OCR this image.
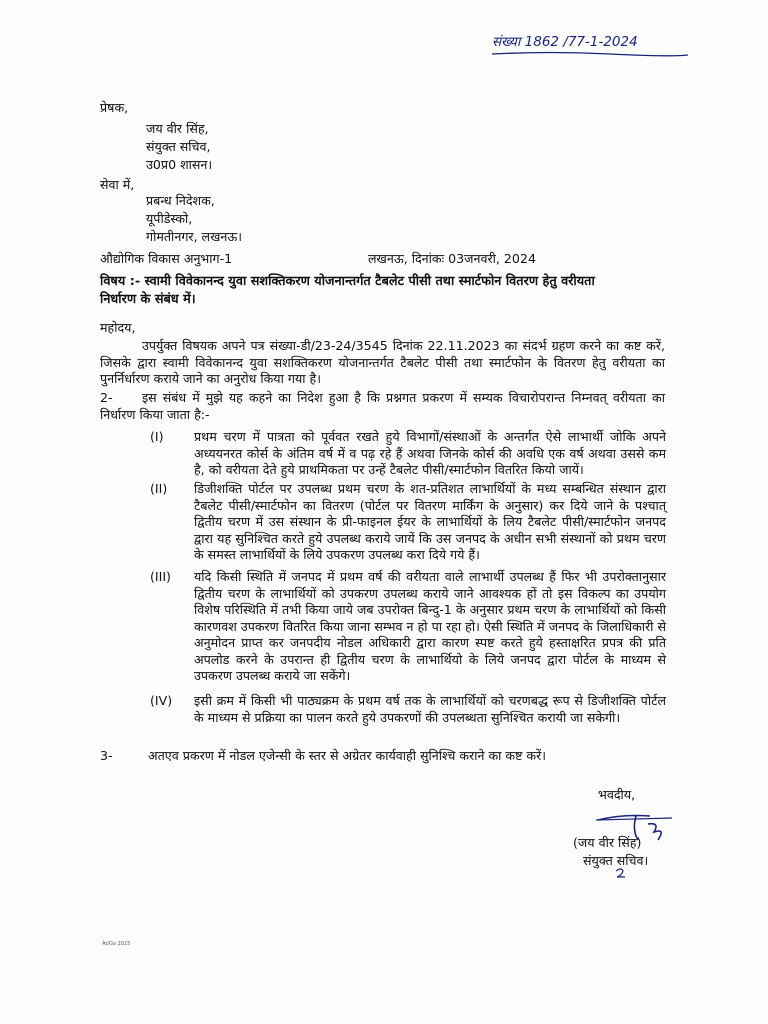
संख्या 1862 /77-1-2024
प्रेषक,
जय वीर सिंह,
संयुक्त सचिव,
उ0प्र0 शासन।
सेवा में,
प्रबन्ध निदेशक,
यूपीडेस्को,
गोमतीनगर, लखनऊ।
औद्योगिक विकास अनुभाग-1	लखनऊ, दिनांकः 03जनवरी, 2024
विषय :- स्वामी विवेकानन्द युवा सशक्तिकरण योजनान्तर्गत टैबलेट पीसी तथा स्मार्टफोन वितरण हेतु वरीयता
निर्धारण के संबंध में।
महोदय,
उपर्युक्त विषयक अपने पत्र संख्या-डी/23-24/3545 दिनांक 22.11.2023 का संदर्भ ग्रहण करने का कष्ट करें, जिसके द्वारा स्वामी विवेकानन्द युवा सशक्तिकरण योजनान्तर्गत टैबलेट पीसी तथा स्मार्टफोन के वितरण हेतु वरीयता का पुनर्निर्धारण कराये जाने का अनुरोध किया गया है।
2-	इस संबंध में मुझे यह कहने का निदेश हुआ है कि प्रश्नगत प्रकरण में सम्यक विचारोपरान्त निम्नवत् वरीयता का निर्धारण किया जाता है:-
(I) प्रथम चरण में पात्रता को पूर्ववत रखते हुये विभागों/संस्थाओं के अन्तर्गत ऐसे लाभार्थी जोकि अपने अध्ययनरत कोर्स के अंतिम वर्ष में व पढ़ रहे हैं अथवा जिनके कोर्स की अवधि एक वर्ष अथवा उससे कम है, को वरीयता देते हुये प्राथमिकता पर उन्हें टैबलेट पीसी/स्मार्टफोन वितरित कियो जायें।
(II) डिजीशक्ति पोर्टल पर उपलब्ध प्रथम चरण के शत-प्रतिशत लाभार्थियों के मध्य सम्बन्धित संस्थान द्वारा टैबलेट पीसी/स्मार्टफोन का वितरण (पोर्टल पर वितरण मार्किंग के अनुसार) कर दिये जाने के पश्चात् द्वितीय चरण में उस संस्थान के प्री-फाइनल ईयर के लाभार्थियों के लिय टैबलेट पीसी/स्मार्टफोन जनपद द्वारा यह सुनिश्चित करते हुये उपलब्ध कराये जायें कि उस जनपद के अधीन सभी संस्थानों को प्रथम चरण के समस्त लाभार्थियों के लिये उपकरण उपलब्ध करा दिये गये हैं।
(III) यदि किसी स्थिति में जनपद में प्रथम वर्ष की वरीयता वाले लाभार्थी उपलब्ध हैं फिर भी उपरोक्तानुसार द्वितीय चरण के लाभार्थियों को उपकरण उपलब्ध कराये जाने आवश्यक हों तो इस विकल्प का उपयोग विशेष परिस्थिति में तभी किया जाये जब उपरोक्त बिन्दु-1 के अनुसार प्रथम चरण के लाभार्थियों को किसी कारणवश उपकरण वितरित किया जाना सम्भव न हो पा रहा हो। ऐसी स्थिति में जनपद के जिलाधिकारी से अनुमोदन प्राप्त कर जनपदीय नोडल अधिकारी द्वारा कारण स्पष्ट करते हुये हस्ताक्षरित प्रपत्र की प्रति अपलोड करने के उपरान्त ही द्वितीय चरण के लाभार्थियो के लिये जनपद द्वारा पोर्टल के माध्यम से उपकरण उपलब्ध कराये जा सकेंगे।
(IV) इसी क्रम में किसी भी पाठ्यक्रम के प्रथम वर्ष तक के लाभार्थियों को चरणबद्ध रूप से डिजीशक्ति पोर्टल के माध्यम से प्रक्रिया का पालन करते हुये उपकरणों की उपलब्धता सुनिश्चित करायी जा सकेगी।
3-	अतएव प्रकरण में नोडल एजेन्सी के स्तर से अग्रेतर कार्यवाही सुनिश्चि कराने का कष्ट करें।
भवदीय,
(जय वीर सिंह)
संयुक्त सचिव।
At/Go 2023
